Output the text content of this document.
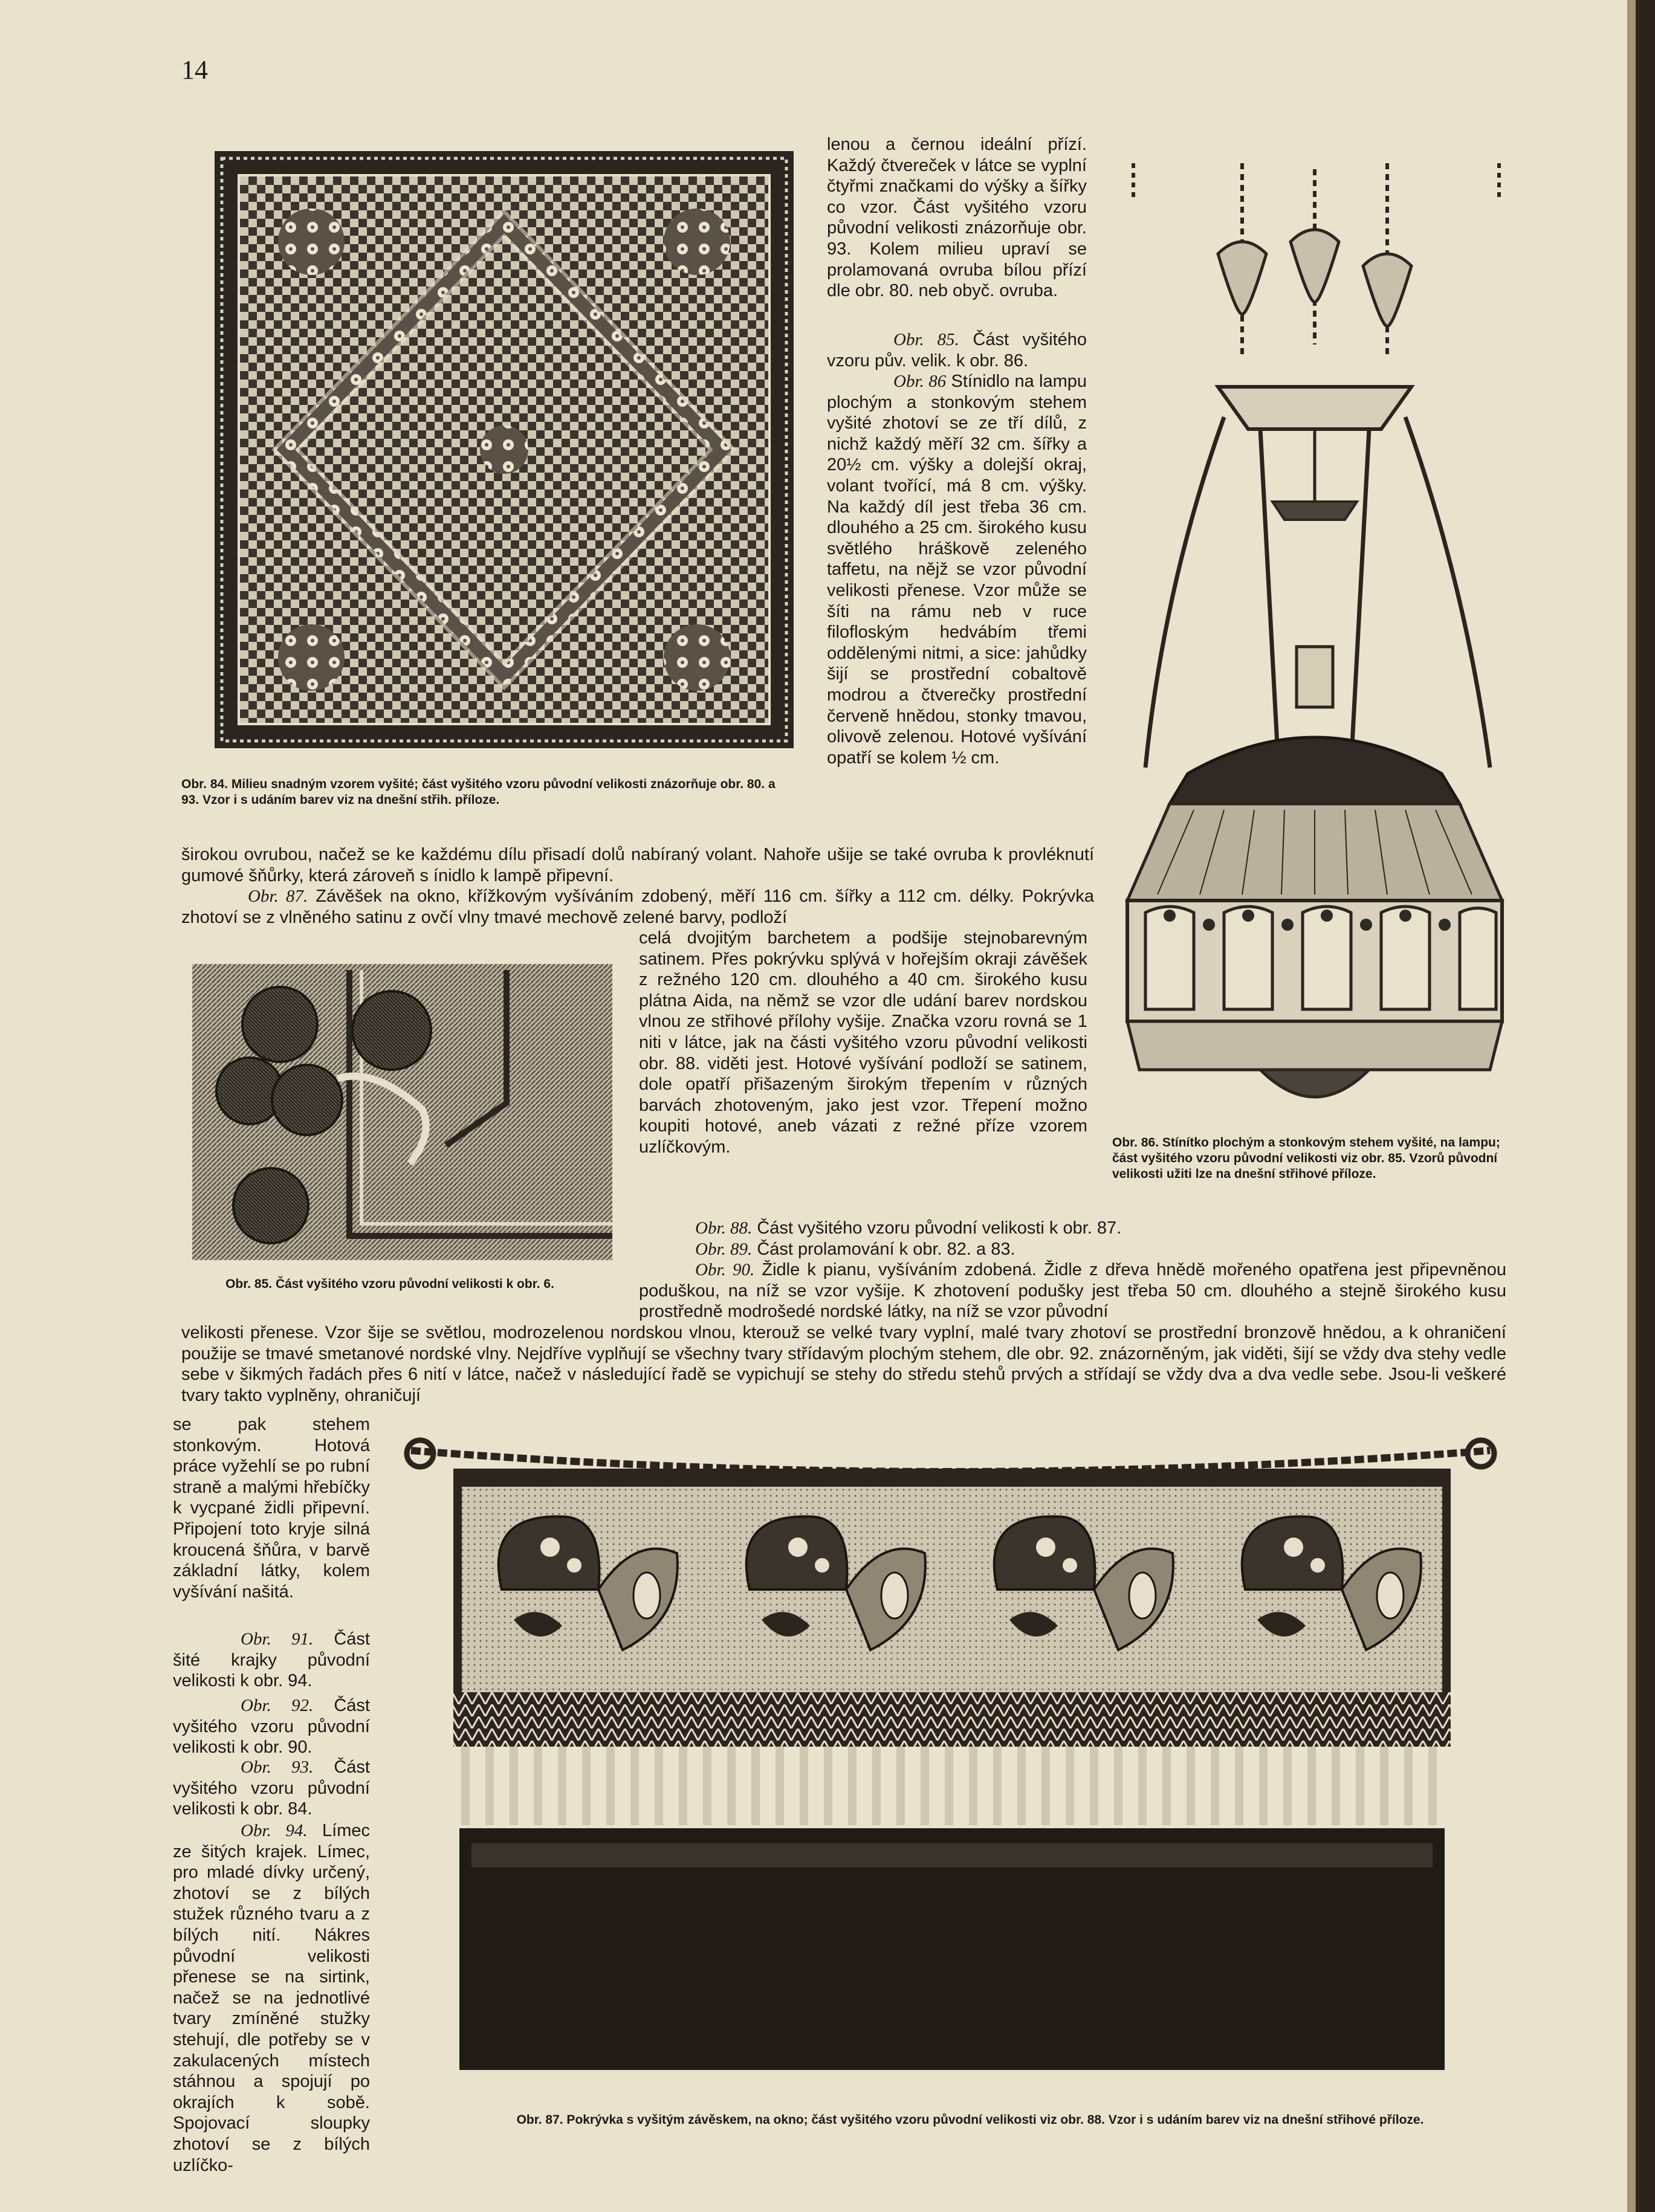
14

Obr. 84. Milieu snadným vzorem vyšité; část vyšitého vzoru původní velikosti znázorňuje obr. 80. a 93. Vzor i s udáním barev viz na dnešní střih. příloze.

lenou a černou ideální přízí. Každý čtvereček v látce se vyplní čtyřmi značkami do výšky a šířky co vzor. Část vyšitého vzoru původní velikosti znázorňuje obr. 93. Kolem milieu upraví se prolamovaná ovruba bílou přízí dle obr. 80. neb obyč. ovruba.

Obr. 85. Část vyšitého vzoru pův. velik. k obr. 86.

Obr. 86 Stínidlo na lampu plochým a stonkovým stehem vyšité zhotoví se ze tří dílů, z nichž každý měří 32 cm. šířky a 20½ cm. výšky a dolejší okraj, volant tvořící, má 8 cm. výšky. Na každý díl jest třeba 36 cm. dlouhého a 25 cm. širokého kusu světlého hráškově zeleného taffetu, na nějž se vzor původní velikosti přenese. Vzor může se šíti na rámu neb v ruce filofloským hedvábím třemi oddělenými nitmi, a sice: jahůdky šijí se prostřední cobaltově modrou a čtverečky prostřední červeně hnědou, stonky tmavou, olivově zelenou. Hotové vyšívání opatří se kolem ½ cm.

Obr. 86. Stínítko plochým a stonkovým stehem vyšité, na lampu; část vyšitého vzoru původní velikosti viz obr. 85. Vzorů původní velikosti užiti lze na dnešní střihové příloze.

širokou ovrubou, načež se ke každému dílu přisadí dolů nabíraný volant. Nahoře ušije se také ovruba k provléknutí gumové šňůrky, která zároveň s ínidlo k lampě připevní.

Obr. 87. Závěšek na okno, křížkovým vyšíváním zdobený, měří 116 cm. šířky a 112 cm. délky. Pokrývka zhotoví se z vlněného satinu z ovčí vlny tmavé mechově zelené barvy, podloží

Obr. 85. Část vyšitého vzoru původní velikosti k obr. 6.

celá dvojitým barchetem a podšije stejnobarevným satinem. Přes pokrývku splývá v hořejším okraji závěšek z režného 120 cm. dlouhého a 40 cm. širokého kusu plátna Aida, na němž se vzor dle udání barev nordskou vlnou ze střihové přílohy vyšije. Značka vzoru rovná se 1 niti v látce, jak na části vyšitého vzoru původní velikosti obr. 88. viděti jest. Hotové vyšívání podloží se satinem, dole opatří přišazeným širokým třepením v různých barvách zhotoveným, jako jest vzor. Třepení možno koupiti hotové, aneb vázati z režné příze vzorem uzlíčkovým.

Obr. 88. Část vyšitého vzoru původní velikosti k obr. 87.

Obr. 89. Část prolamování k obr. 82. a 83.

Obr. 90. Židle k pianu, vyšíváním zdobená. Židle z dřeva hnědě mořeného opatřena jest připevněnou poduškou, na níž se vzor vyšije. K zhotovení podušky jest třeba 50 cm. dlouhého a stejně širokého kusu prostředně modrošedé nordské látky, na níž se vzor původní

velikosti přenese. Vzor šije se světlou, modrozelenou nordskou vlnou, kterouž se velké tvary vyplní, malé tvary zhotoví se prostřední bronzově hnědou, a k ohraničení použije se tmavé smetanové nordské vlny. Nejdříve vyplňují se všechny tvary střídavým plochým stehem, dle obr. 92. znázorněným, jak viděti, šijí se vždy dva stehy vedle sebe v šikmých řadách přes 6 nití v látce, načež v následující řadě se vypichují se stehy do středu stehů prvých a střídají se vždy dva a dva vedle sebe. Jsou-li veškeré tvary takto vyplněny, ohraničují

se pak stehem stonkovým. Hotová práce vyžehlí se po rubní straně a malými hřebíčky k vycpané židli připevní. Připojení toto kryje silná kroucená šňůra, v barvě základní látky, kolem vyšívání našitá.

Obr. 91. Část šité krajky původní velikosti k obr. 94.

Obr. 92. Část vyšitého vzoru původní velikosti k obr. 90.

Obr. 93. Část vyšitého vzoru původní velikosti k obr. 84.

Obr. 94. Límec ze šitých krajek. Límec, pro mladé dívky určený, zhotoví se z bílých stužek různého tvaru a z bílých nití. Nákres původní velikosti přenese se na sirtink, načež se na jednotlivé tvary zmíněné stužky stehují, dle potřeby se v zakulacených místech stáhnou a spojují po okrajích k sobě. Spojovací sloupky zhotoví se z bílých uzlíčko-

Obr. 87. Pokrývka s vyšitým závěskem, na okno; část vyšitého vzoru původní velikosti viz obr. 88. Vzor i s udáním barev viz na dnešní střihové příloze.
